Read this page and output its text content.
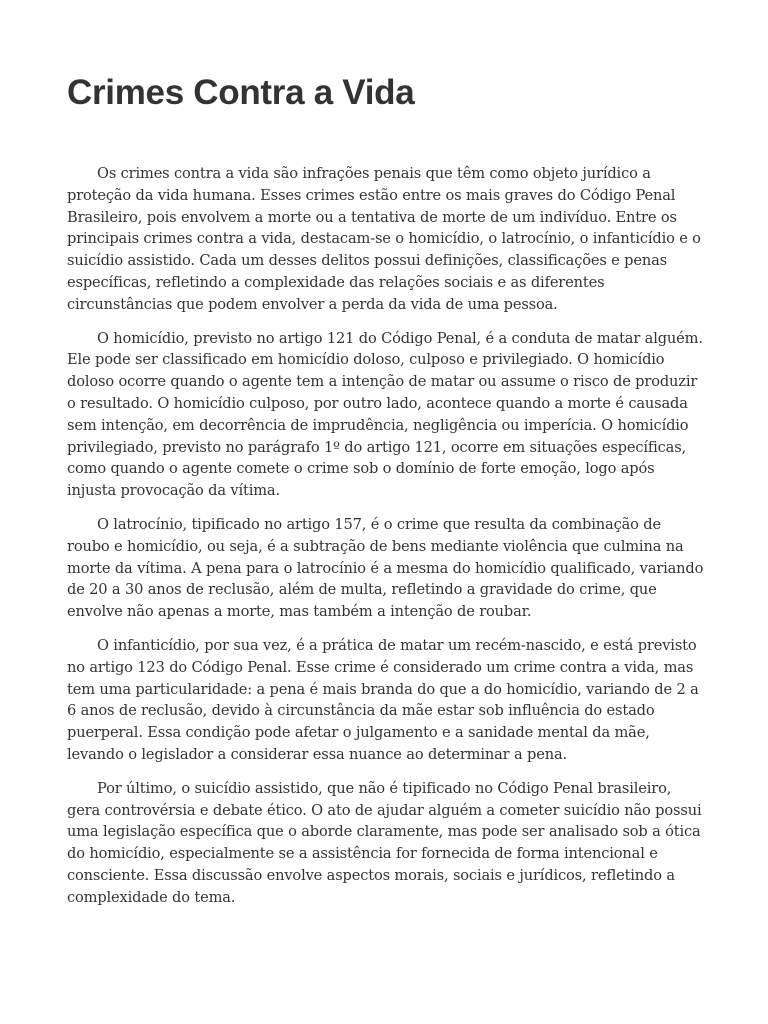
Crimes Contra a Vida

Os crimes contra a vida são infrações penais que têm como objeto jurídico a proteção da vida humana. Esses crimes estão entre os mais graves do Código Penal Brasileiro, pois envolvem a morte ou a tentativa de morte de um indivíduo. Entre os principais crimes contra a vida, destacam-se o homicídio, o latrocínio, o infanticídio e o suicídio assistido. Cada um desses delitos possui definições, classificações e penas específicas, refletindo a complexidade das relações sociais e as diferentes circunstâncias que podem envolver a perda da vida de uma pessoa.

O homicídio, previsto no artigo 121 do Código Penal, é a conduta de matar alguém. Ele pode ser classificado em homicídio doloso, culposo e privilegiado. O homicídio doloso ocorre quando o agente tem a intenção de matar ou assume o risco de produzir o resultado. O homicídio culposo, por outro lado, acontece quando a morte é causada sem intenção, em decorrência de imprudência, negligência ou imperícia. O homicídio privilegiado, previsto no parágrafo 1º do artigo 121, ocorre em situações específicas, como quando o agente comete o crime sob o domínio de forte emoção, logo após injusta provocação da vítima.

O latrocínio, tipificado no artigo 157, é o crime que resulta da combinação de roubo e homicídio, ou seja, é a subtração de bens mediante violência que culmina na morte da vítima. A pena para o latrocínio é a mesma do homicídio qualificado, variando de 20 a 30 anos de reclusão, além de multa, refletindo a gravidade do crime, que envolve não apenas a morte, mas também a intenção de roubar.

O infanticídio, por sua vez, é a prática de matar um recém-nascido, e está previsto no artigo 123 do Código Penal. Esse crime é considerado um crime contra a vida, mas tem uma particularidade: a pena é mais branda do que a do homicídio, variando de 2 a 6 anos de reclusão, devido à circunstância da mãe estar sob influência do estado puerperal. Essa condição pode afetar o julgamento e a sanidade mental da mãe, levando o legislador a considerar essa nuance ao determinar a pena.

Por último, o suicídio assistido, que não é tipificado no Código Penal brasileiro, gera controvérsia e debate ético. O ato de ajudar alguém a cometer suicídio não possui uma legislação específica que o aborde claramente, mas pode ser analisado sob a ótica do homicídio, especialmente se a assistência for fornecida de forma intencional e consciente. Essa discussão envolve aspectos morais, sociais e jurídicos, refletindo a complexidade do tema.
